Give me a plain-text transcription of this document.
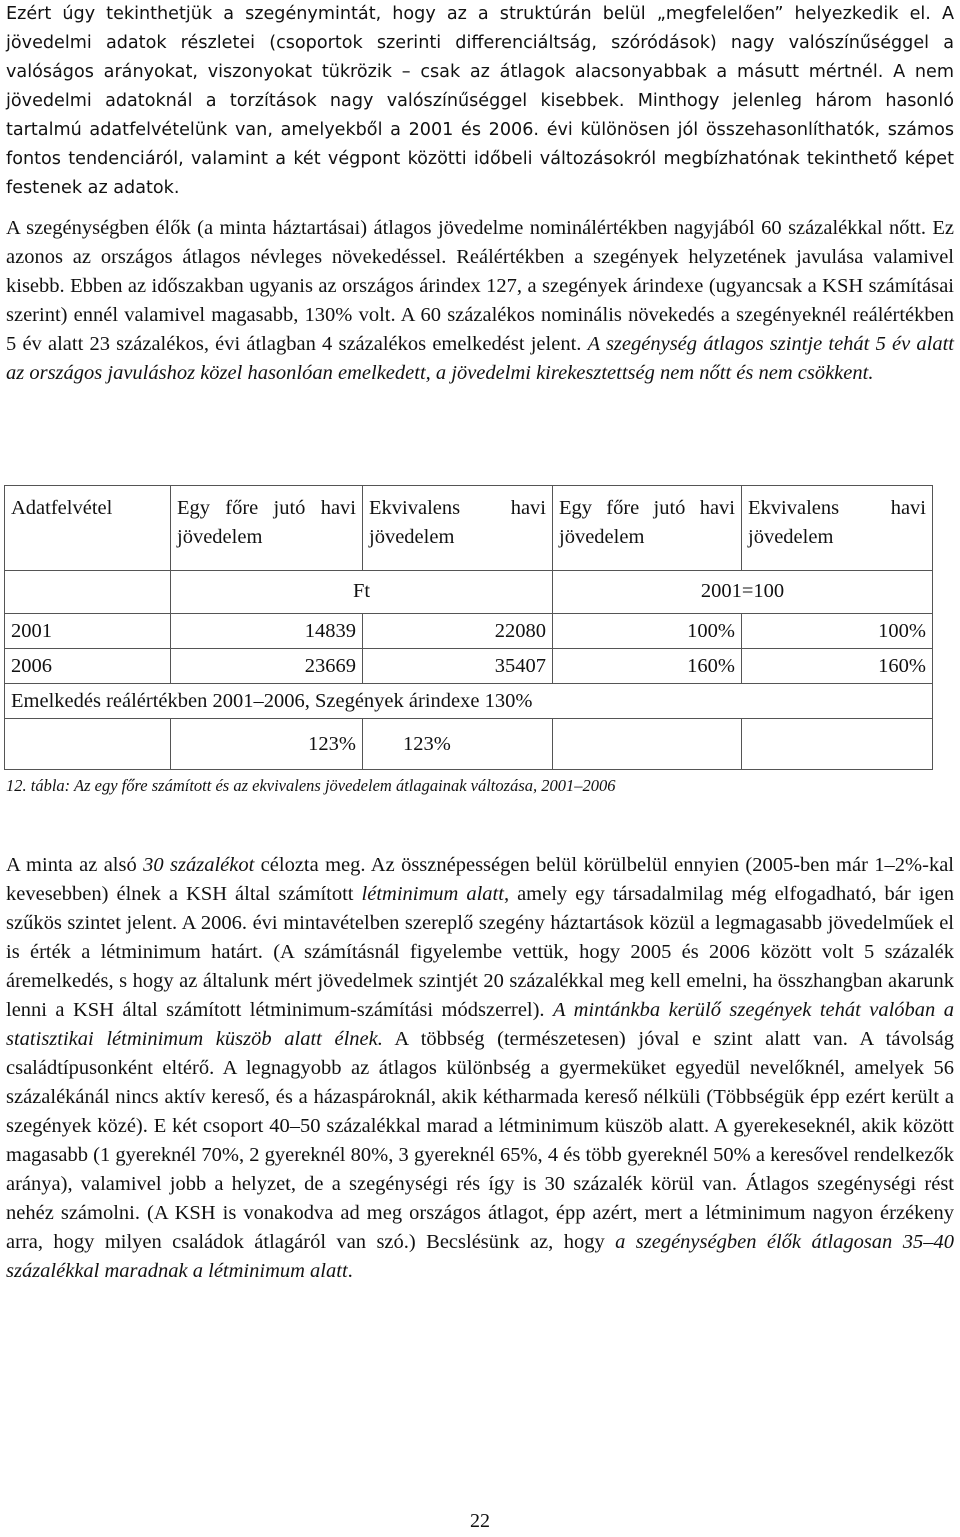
Ezért úgy tekinthetjük a szegénymintát, hogy az a struktúrán belül „megfelelően” helyezkedik el. A jövedelmi adatok részletei (csoportok szerinti differenciáltság, szóródások) nagy valószínűséggel a valóságos arányokat, viszonyokat tükrözik – csak az átlagok alacsonyabbak a másutt mértnél. A nem jövedelmi adatoknál a torzítások nagy valószínűséggel kisebbek. Minthogy jelenleg három hasonló tartalmú adatfelvételünk van, amelyekből a 2001 és 2006. évi különösen jól összehasonlíthatók, számos fontos tendenciáról, valamint a két végpont közötti időbeli változásokról megbízhatónak tekinthető képet festenek az adatok.

A szegénységben élők (a minta háztartásai) átlagos jövedelme nominálértékben nagyjából 60 százalékkal nőtt. Ez azonos az országos átlagos névleges növekedéssel. Reálértékben a szegények helyzetének javulása valamivel kisebb. Ebben az időszakban ugyanis az országos árindex 127, a szegények árindexe (ugyancsak a KSH számításai szerint) ennél valamivel magasabb, 130% volt. A 60 százalékos nominális növekedés a szegényeknél reálértékben 5 év alatt 23 százalékos, évi átlagban 4 százalékos emelkedést jelent. A szegénység átlagos szintje tehát 5 év alatt az országos javuláshoz közel hasonlóan emelkedett, a jövedelmi kirekesztettség nem nőtt és nem csökkent.

Adatfelvétel	Egy főre jutó havi jövedelem	Ekvivalens havi jövedelem	Egy főre jutó havi jövedelem	Ekvivalens havi jövedelem
	Ft		2001=100	
2001	14839	22080	100%	100%
2006	23669	35407	160%	160%
Emelkedés reálértékben 2001–2006, Szegények árindexe 130%				
	123%	123%		
12. tábla: Az egy főre számított és az ekvivalens jövedelem átlagainak változása, 2001–2006

A minta az alsó 30 százalékot célozta meg. Az össznépességen belül körülbelül ennyien (2005-ben már 1–2%-kal kevesebben) élnek a KSH által számított létminimum alatt, amely egy társadalmilag még elfogadható, bár igen szűkös szintet jelent. A 2006. évi mintavételben szereplő szegény háztartások közül a legmagasabb jövedelműek el is érték a létminimum határt. (A számításnál figyelembe vettük, hogy 2005 és 2006 között volt 5 százalék áremelkedés, s hogy az általunk mért jövedelmek szintjét 20 százalékkal meg kell emelni, ha összhangban akarunk lenni a KSH által számított létminimum-számítási módszerrel). A mintánkba kerülő szegények tehát valóban a statisztikai létminimum küszöb alatt élnek. A többség (természetesen) jóval e szint alatt van. A távolság családtípusonként eltérő. A legnagyobb az átlagos különbség a gyermeküket egyedül nevelőknél, amelyek 56 százalékánál nincs aktív kereső, és a házaspároknál, akik kétharmada kereső nélküli (Többségük épp ezért került a szegények közé). E két csoport 40–50 százalékkal marad a létminimum küszöb alatt. A gyerekeseknél, akik között magasabb (1 gyereknél 70%, 2 gyereknél 80%, 3 gyereknél 65%, 4 és több gyereknél 50% a keresővel rendelkezők aránya), valamivel jobb a helyzet, de a szegénységi rés így is 30 százalék körül van. Átlagos szegénységi rést nehéz számolni. (A KSH is vonakodva ad meg országos átlagot, épp azért, mert a létminimum nagyon érzékeny arra, hogy milyen családok átlagáról van szó.) Becslésünk az, hogy a szegénységben élők átlagosan 35–40 százalékkal maradnak a létminimum alatt.

22
